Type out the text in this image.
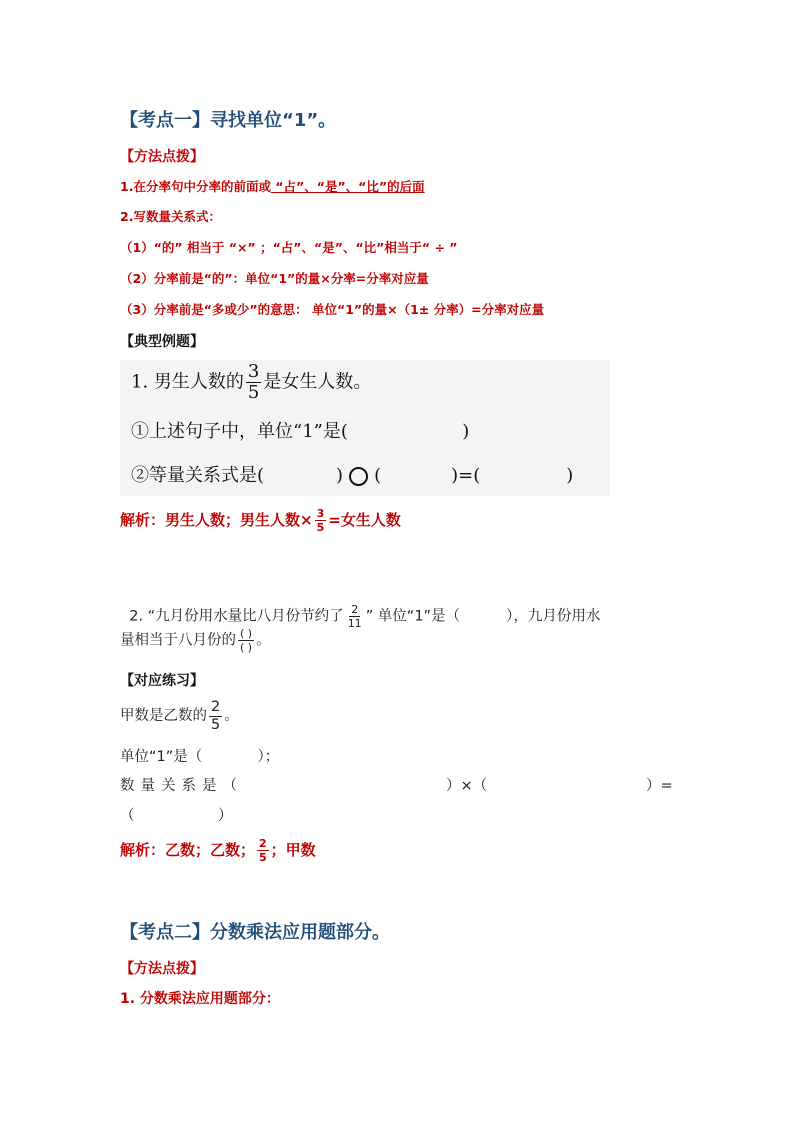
【考点一】寻找单位“1”。
【方法点拨】
1.在分率句中分率的前面或 “占”、“是”、“比”的后面
2.写数量关系式：
（1）“的” 相当于 “×” ；“占”、“是”、“比”相当于“ ÷ ”
（2）分率前是“的”：单位“1”的量×分率=分率对应量
（3）分率前是“多或少”的意思： 单位“1”的量×（1± 分率）=分率对应量
【典型例题】
1. 男生人数的 $\frac{3}{5}$ 是女生人数。
①上述句子中，单位“1”是(                    )
②等量关系式是(	) (	)=(	)
解析：男生人数；男生人数× $\frac{3}{5}$ =女生人数

2. “九月份用水量比八月份节约了 $\frac{2}{11}$ ” 单位“1”是（          ），九月份用水

量相当于八月份的 $\frac{( )}{( )}$ 。
【对应练习】
甲数是乙数的 $\frac{2}{5}$ 。
单位“1”是（            ）；
数量关系是（	）×（	）=
（	）
解析：乙数；乙数； $\frac{2}{5}$ ；甲数
【考点二】分数乘法应用题部分。
【方法点拨】
1. 分数乘法应用题部分：
